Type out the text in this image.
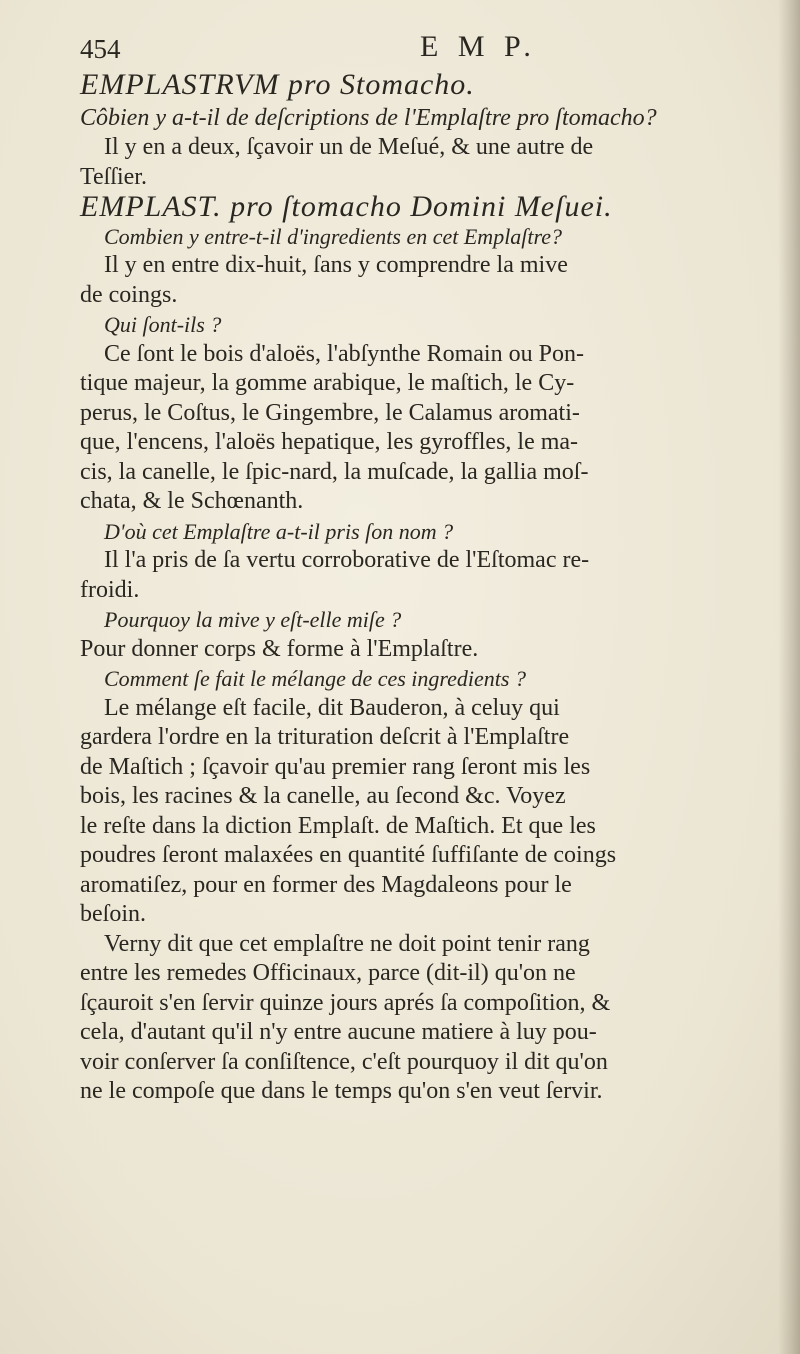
454	E M P.
EMPLASTRVM pro Stomacho.
Côbien y a-t-il de deſcriptions de l'Emplaſtre pro ſtomacho?
Il y en a deux, ſçavoir un de Meſué, & une autre de
Teſſier.
EMPLAST. pro ſtomacho Domini Meſuei.
Combien y entre-t-il d'ingredients en cet Emplaſtre?
Il y en entre dix-huit, ſans y comprendre la mive
de coings.
Qui ſont-ils ?
Ce ſont le bois d'aloës, l'abſynthe Romain ou Pon-
tique majeur, la gomme arabique, le maſtich, le Cy-
perus, le Coſtus, le Gingembre, le Calamus aromati-
que, l'encens, l'aloës hepatique, les gyroffles, le ma-
cis, la canelle, le ſpic-nard, la muſcade, la gallia moſ-
chata, & le Schœnanth.
D'où cet Emplaſtre a-t-il pris ſon nom ?
Il l'a pris de ſa vertu corroborative de l'Eſtomac re-
froidi.
Pourquoy la mive y eſt-elle miſe ?
Pour donner corps & forme à l'Emplaſtre.
Comment ſe fait le mélange de ces ingredients ?
Le mélange eſt facile, dit Bauderon, à celuy qui
gardera l'ordre en la trituration deſcrit à l'Emplaſtre
de Maſtich ; ſçavoir qu'au premier rang ſeront mis les
bois, les racines & la canelle, au ſecond &c. Voyez
le reſte dans la diction Emplaſt. de Maſtich. Et que les
poudres ſeront malaxées en quantité ſuffiſante de coings
aromatiſez, pour en former des Magdaleons pour le
beſoin.
Verny dit que cet emplaſtre ne doit point tenir rang
entre les remedes Officinaux, parce (dit-il) qu'on ne
ſçauroit s'en ſervir quinze jours aprés ſa compoſition, &
cela, d'autant qu'il n'y entre aucune matiere à luy pou-
voir conſerver ſa conſiſtence, c'eſt pourquoy il dit qu'on
ne le compoſe que dans le temps qu'on s'en veut ſervir.
